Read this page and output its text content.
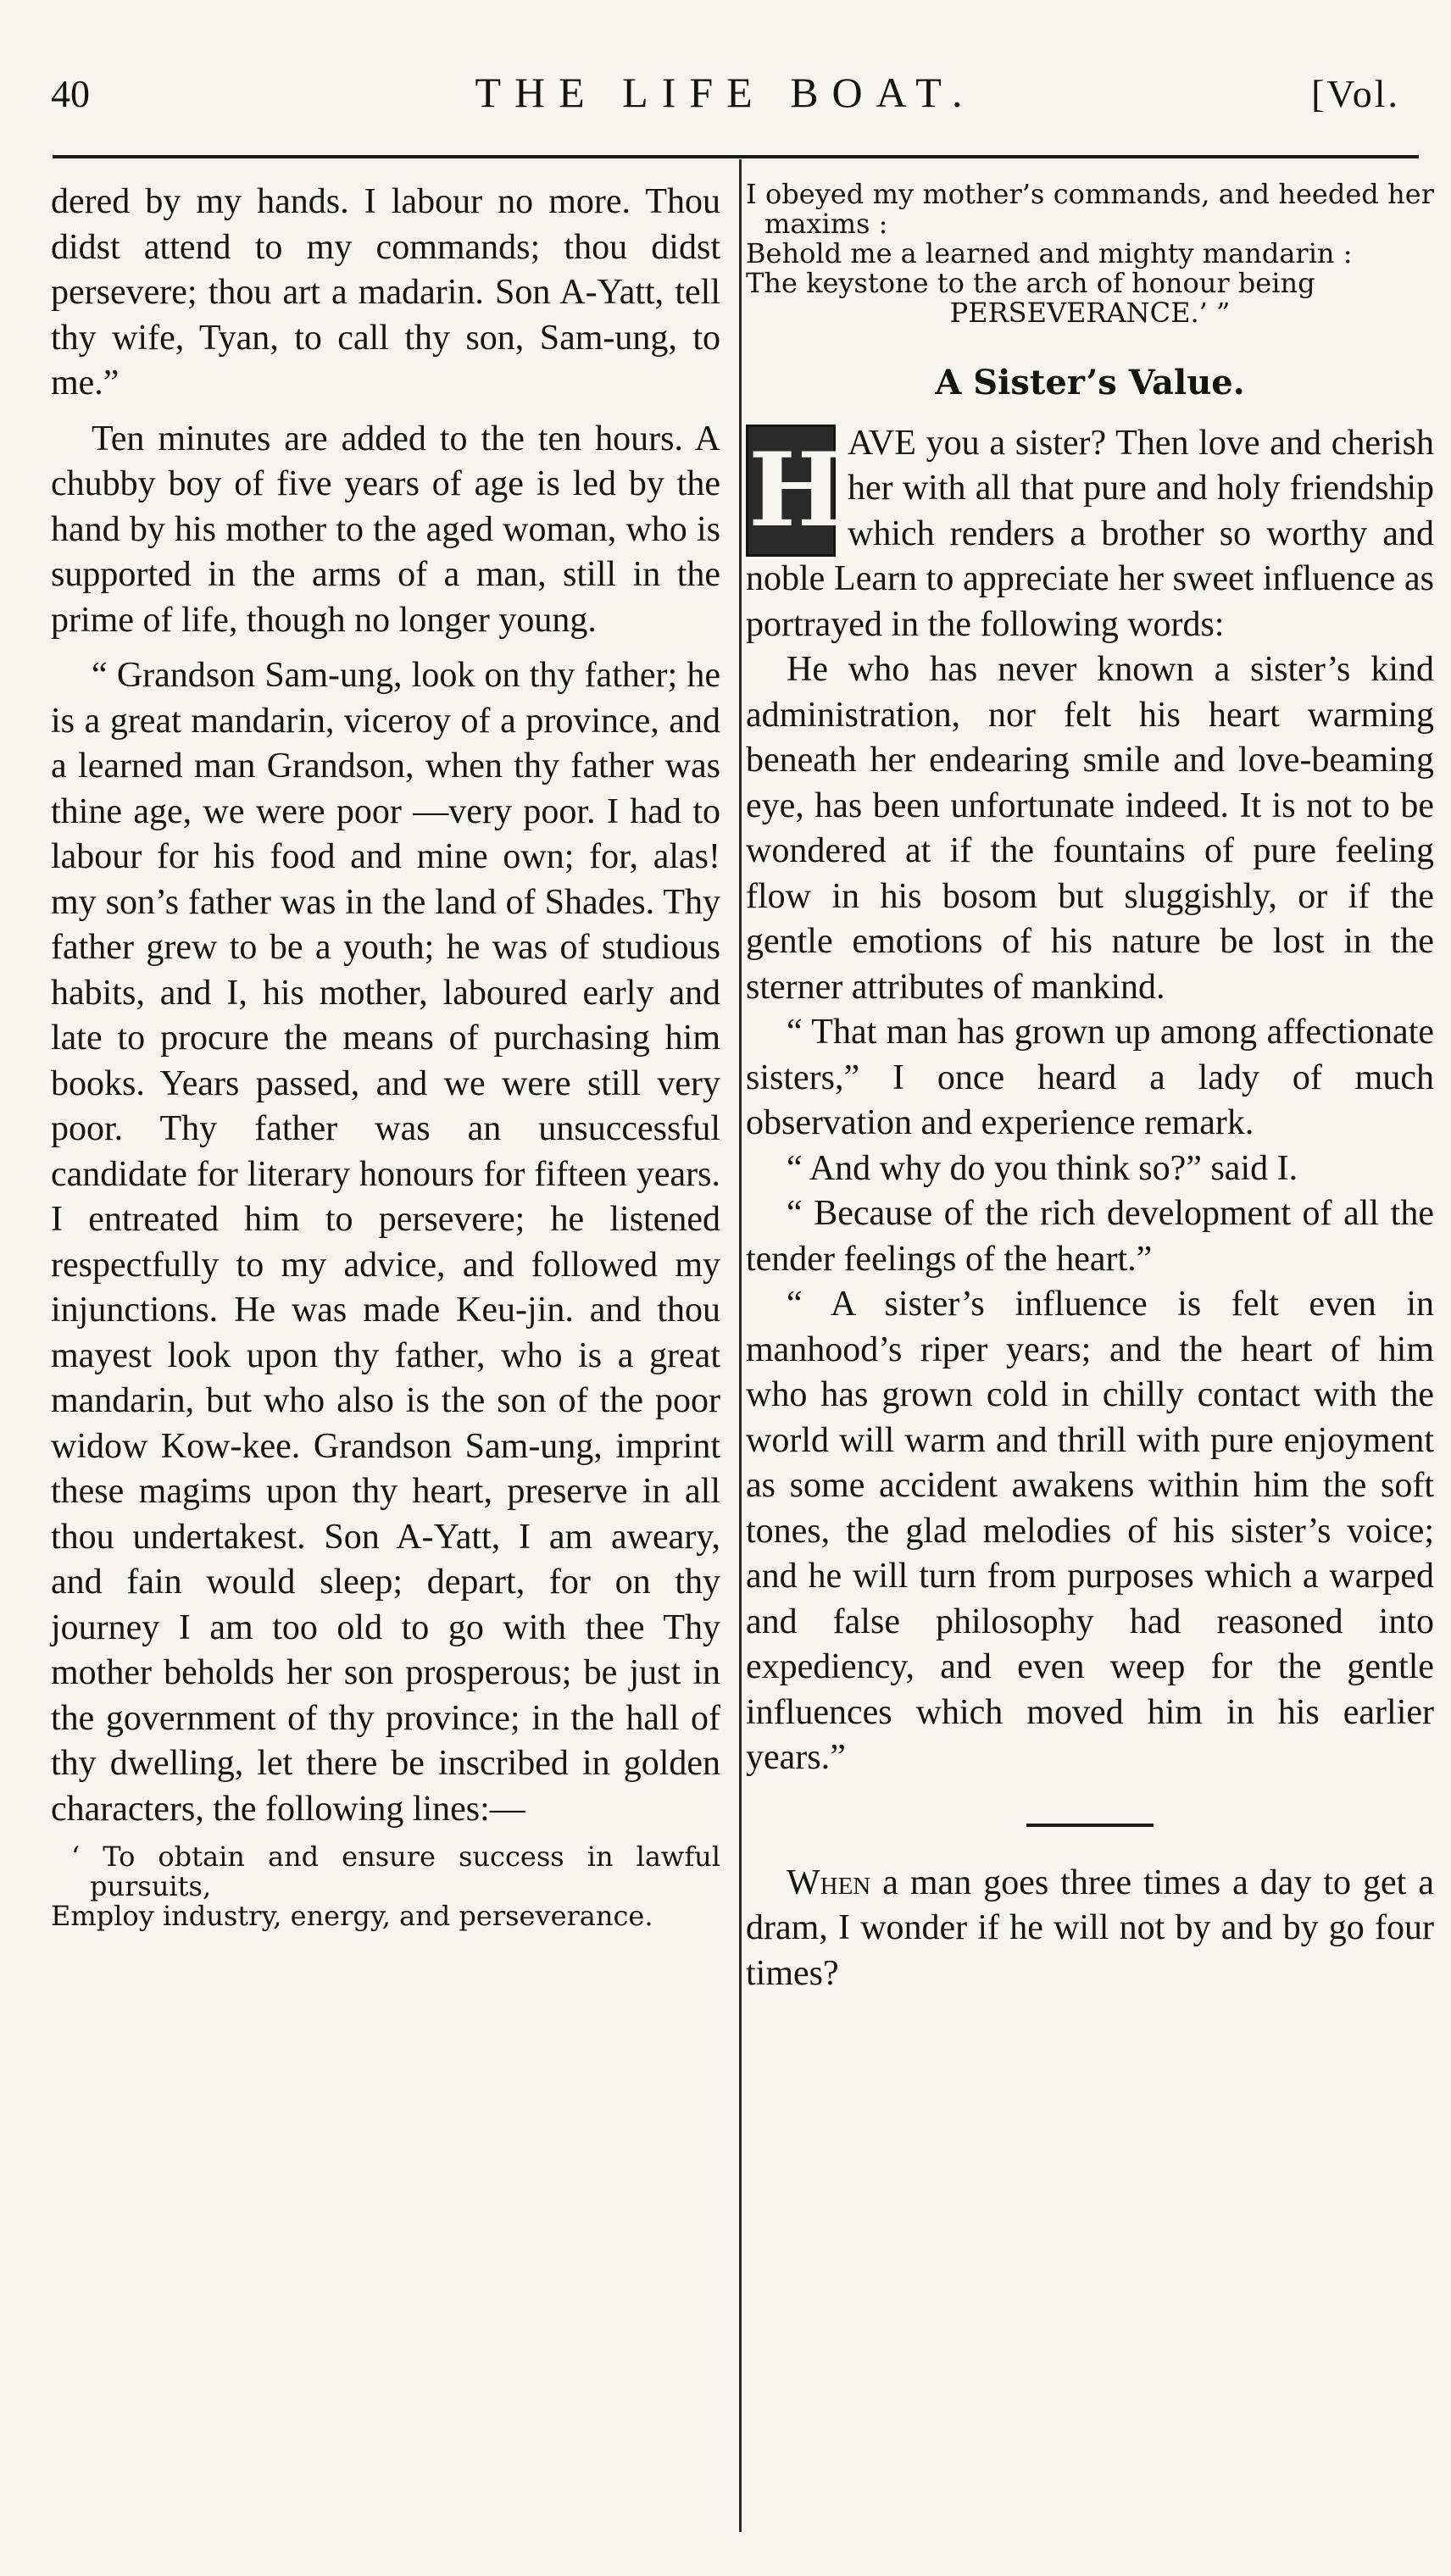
40	THE LIFE BOAT.	[Vol.

dered by my hands. I labour no more. Thou didst attend to my commands; thou didst persevere; thou art a madarin. Son A-Yatt, tell thy wife, Tyan, to call thy son, Sam-ung, to me.”

Ten minutes are added to the ten hours. A chubby boy of five years of age is led by the hand by his mother to the aged woman, who is supported in the arms of a man, still in the prime of life, though no longer young.

“ Grandson Sam-ung, look on thy father; he is a great mandarin, viceroy of a province, and a learned man Grandson, when thy father was thine age, we were poor —very poor. I had to labour for his food and mine own; for, alas! my son’s father was in the land of Shades. Thy father grew to be a youth; he was of studious habits, and I, his mother, laboured early and late to procure the means of purchasing him books. Years passed, and we were still very poor. Thy father was an unsuccessful candidate for literary honours for fifteen years. I entreated him to persevere; he listened respectfully to my advice, and followed my injunctions. He was made Keu-jin. and thou mayest look upon thy father, who is a great mandarin, but who also is the son of the poor widow Kow-kee. Grandson Sam-ung, imprint these magims upon thy heart, preserve in all thou undertakest. Son A-Yatt, I am aweary, and fain would sleep; depart, for on thy journey I am too old to go with thee Thy mother beholds her son prosperous; be just in the government of thy province; in the hall of thy dwelling, let there be inscribed in golden characters, the following lines:—

‘ To obtain and ensure success in lawful pursuits,

Employ industry, energy, and perseverance.

I obeyed my mother’s commands, and heeded her maxims :

Behold me a learned and mighty mandarin :

The keystone to the arch of honour being

PERSEVERANCE.’ ”

A Sister’s Value.

H AVE you a sister? Then love and cherish her with all that pure and holy friendship which renders a brother so worthy and noble Learn to appreciate her sweet influence as portrayed in the following words:

He who has never known a sister’s kind administration, nor felt his heart warming beneath her endearing smile and love-beaming eye, has been unfortunate indeed. It is not to be wondered at if the fountains of pure feeling flow in his bosom but sluggishly, or if the gentle emotions of his nature be lost in the sterner attributes of mankind.

“ That man has grown up among affectionate sisters,” I once heard a lady of much observation and experience remark.

“ And why do you think so?” said I.

“ Because of the rich development of all the tender feelings of the heart.”

“ A sister’s influence is felt even in manhood’s riper years; and the heart of him who has grown cold in chilly contact with the world will warm and thrill with pure enjoyment as some accident awakens within him the soft tones, the glad melodies of his sister’s voice; and he will turn from purposes which a warped and false philosophy had reasoned into expediency, and even weep for the gentle influences which moved him in his earlier years.”

When a man goes three times a day to get a dram, I wonder if he will not by and by go four times?
